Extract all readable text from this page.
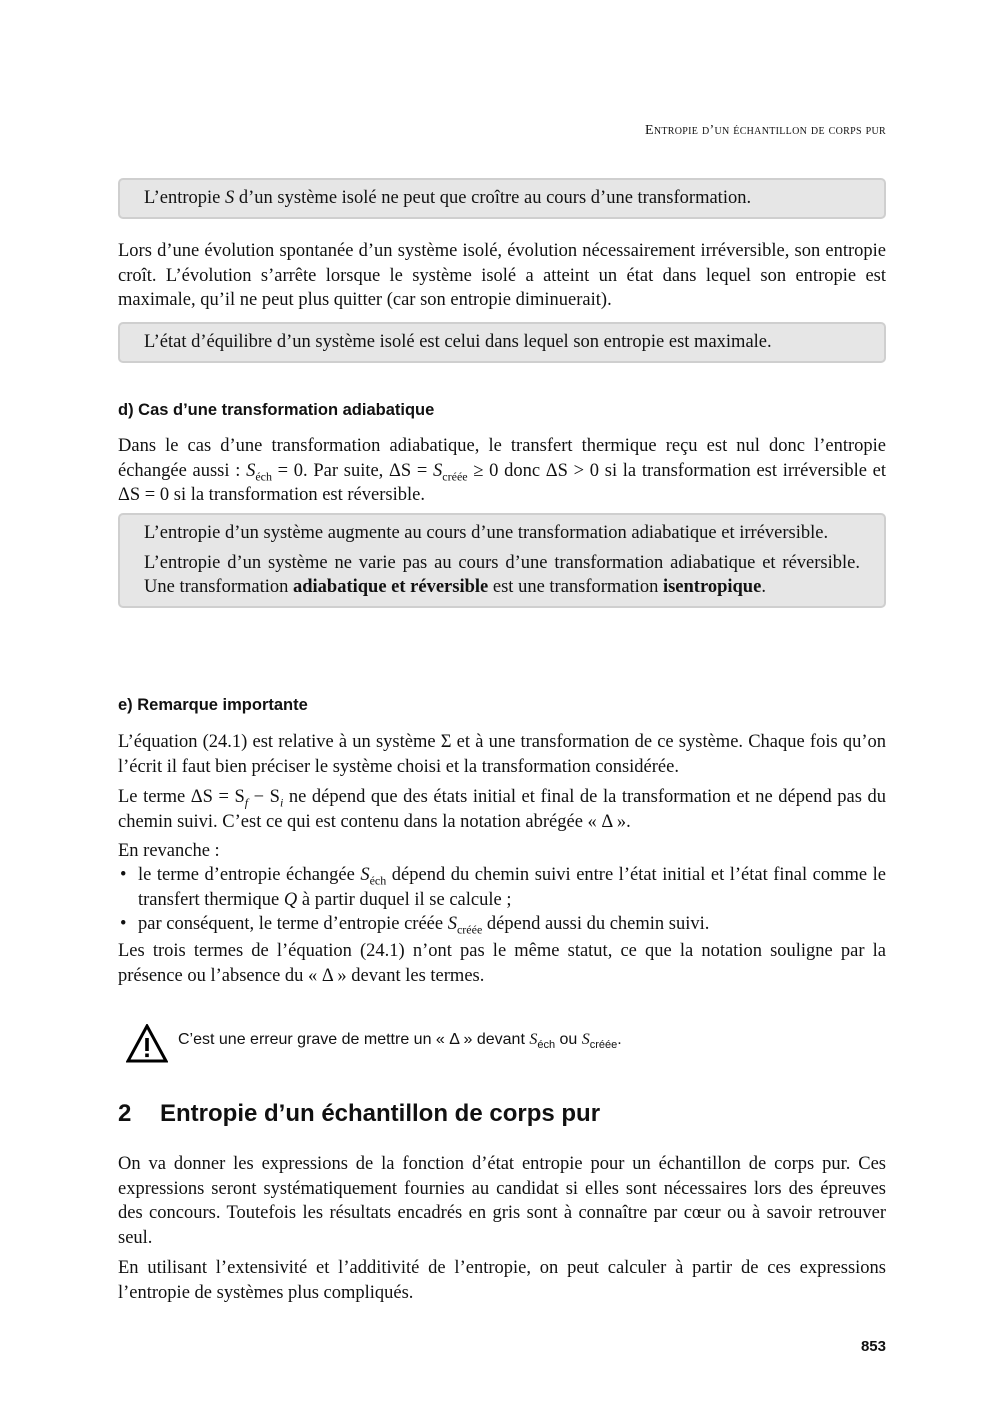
Entropie d’un échantillon de corps pur

L’entropie S d’un système isolé ne peut que croître au cours d’une transformation.

Lors d’une évolution spontanée d’un système isolé, évolution nécessairement irréversible, son entropie croît. L’évolution s’arrête lorsque le système isolé a atteint un état dans lequel son entropie est maximale, qu’il ne peut plus quitter (car son entropie diminuerait).

L’état d’équilibre d’un système isolé est celui dans lequel son entropie est maximale.

d) Cas d’une transformation adiabatique

Dans le cas d’une transformation adiabatique, le transfert thermique reçu est nul donc l’entropie échangée aussi : $S_{éch} = 0$. Par suite, $\Delta S = S_{créée} \ge 0$ donc ΔS > 0 si la transformation est irréversible et ΔS = 0 si la transformation est réversible.

L’entropie d’un système augmente au cours d’une transformation adiabatique et irréversible.

L’entropie d’un système ne varie pas au cours d’une transformation adiabatique et réversible. Une transformation adiabatique et réversible est une transformation isentropique.

e) Remarque importante

L’équation (24.1) est relative à un système Σ et à une transformation de ce système. Chaque fois qu’on l’écrit il faut bien préciser le système choisi et la transformation considérée.

Le terme $\Delta S = S_f - S_i$ ne dépend que des états initial et final de la transformation et ne dépend pas du chemin suivi. C’est ce qui est contenu dans la notation abrégée « Δ ».

En revanche :

• le terme d’entropie échangée $S_{éch}$ dépend du chemin suivi entre l’état initial et l’état final comme le transfert thermique Q à partir duquel il se calcule ;
• par conséquent, le terme d’entropie créée $S_{créée}$ dépend aussi du chemin suivi.

Les trois termes de l’équation (24.1) n’ont pas le même statut, ce que la notation souligne par la présence ou l’absence du « Δ » devant les termes.

C’est une erreur grave de mettre un « Δ » devant $S_{éch}$ ou $S_{créée}$.
2 Entropie d’un échantillon de corps pur

On va donner les expressions de la fonction d’état entropie pour un échantillon de corps pur. Ces expressions seront systématiquement fournies au candidat si elles sont nécessaires lors des épreuves des concours. Toutefois les résultats encadrés en gris sont à connaître par cœur ou à savoir retrouver seul.

En utilisant l’extensivité et l’additivité de l’entropie, on peut calculer à partir de ces expressions l’entropie de systèmes plus compliqués.

853
